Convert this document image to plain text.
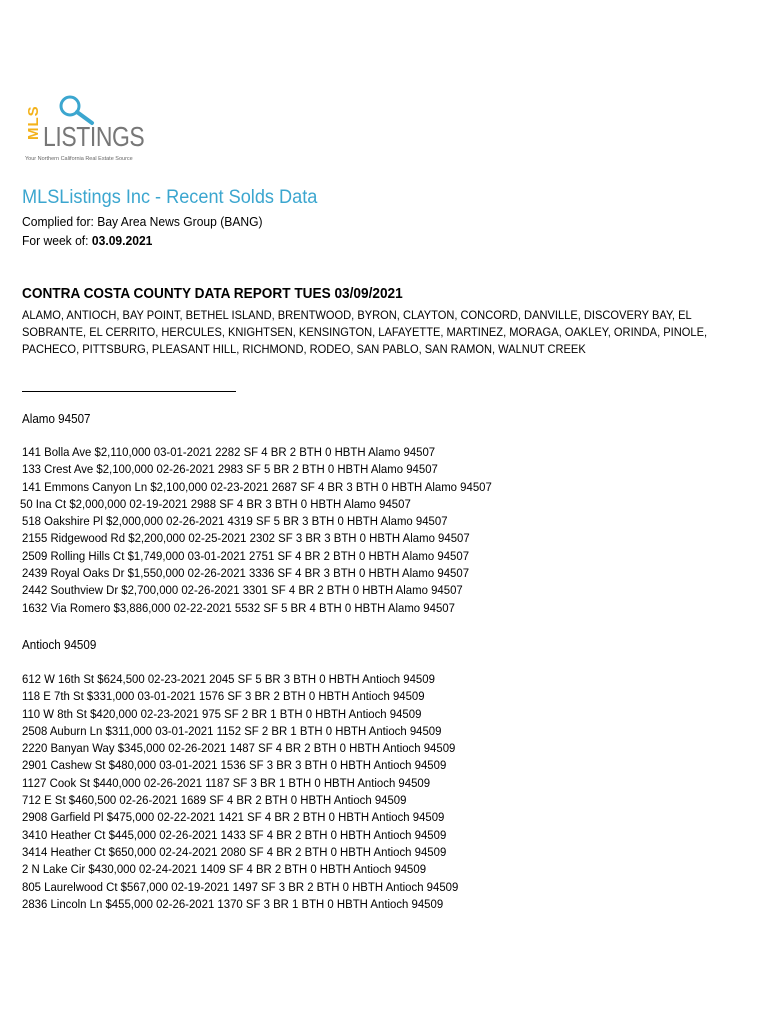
MLS LISTINGS
Your Northern California Real Estate Source
MLSListings Inc - Recent Solds Data
Complied for: Bay Area News Group (BANG)
For week of: 03.09.2021
CONTRA COSTA COUNTY DATA REPORT TUES 03/09/2021
ALAMO, ANTIOCH, BAY POINT, BETHEL ISLAND, BRENTWOOD, BYRON, CLAYTON, CONCORD, DANVILLE, DISCOVERY BAY, EL
SOBRANTE, EL CERRITO, HERCULES, KNIGHTSEN, KENSINGTON, LAFAYETTE, MARTINEZ, MORAGA, OAKLEY, ORINDA, PINOLE,
PACHECO, PITTSBURG, PLEASANT HILL, RICHMOND, RODEO, SAN PABLO, SAN RAMON, WALNUT CREEK
Alamo 94507
141 Bolla Ave $2,110,000 03-01-2021 2282 SF 4 BR 2 BTH 0 HBTH Alamo 94507
133 Crest Ave $2,100,000 02-26-2021 2983 SF 5 BR 2 BTH 0 HBTH Alamo 94507
141 Emmons Canyon Ln $2,100,000 02-23-2021 2687 SF 4 BR 3 BTH 0 HBTH Alamo 94507
50 Ina Ct $2,000,000 02-19-2021 2988 SF 4 BR 3 BTH 0 HBTH Alamo 94507
518 Oakshire Pl $2,000,000 02-26-2021 4319 SF 5 BR 3 BTH 0 HBTH Alamo 94507
2155 Ridgewood Rd $2,200,000 02-25-2021 2302 SF 3 BR 3 BTH 0 HBTH Alamo 94507
2509 Rolling Hills Ct $1,749,000 03-01-2021 2751 SF 4 BR 2 BTH 0 HBTH Alamo 94507
2439 Royal Oaks Dr $1,550,000 02-26-2021 3336 SF 4 BR 3 BTH 0 HBTH Alamo 94507
2442 Southview Dr $2,700,000 02-26-2021 3301 SF 4 BR 2 BTH 0 HBTH Alamo 94507
1632 Via Romero $3,886,000 02-22-2021 5532 SF 5 BR 4 BTH 0 HBTH Alamo 94507
Antioch 94509
612 W 16th St $624,500 02-23-2021 2045 SF 5 BR 3 BTH 0 HBTH Antioch 94509
118 E 7th St $331,000 03-01-2021 1576 SF 3 BR 2 BTH 0 HBTH Antioch 94509
110 W 8th St $420,000 02-23-2021 975 SF 2 BR 1 BTH 0 HBTH Antioch 94509
2508 Auburn Ln $311,000 03-01-2021 1152 SF 2 BR 1 BTH 0 HBTH Antioch 94509
2220 Banyan Way $345,000 02-26-2021 1487 SF 4 BR 2 BTH 0 HBTH Antioch 94509
2901 Cashew St $480,000 03-01-2021 1536 SF 3 BR 3 BTH 0 HBTH Antioch 94509
1127 Cook St $440,000 02-26-2021 1187 SF 3 BR 1 BTH 0 HBTH Antioch 94509
712 E St $460,500 02-26-2021 1689 SF 4 BR 2 BTH 0 HBTH Antioch 94509
2908 Garfield Pl $475,000 02-22-2021 1421 SF 4 BR 2 BTH 0 HBTH Antioch 94509
3410 Heather Ct $445,000 02-26-2021 1433 SF 4 BR 2 BTH 0 HBTH Antioch 94509
3414 Heather Ct $650,000 02-24-2021 2080 SF 4 BR 2 BTH 0 HBTH Antioch 94509
2 N Lake Cir $430,000 02-24-2021 1409 SF 4 BR 2 BTH 0 HBTH Antioch 94509
805 Laurelwood Ct $567,000 02-19-2021 1497 SF 3 BR 2 BTH 0 HBTH Antioch 94509
2836 Lincoln Ln $455,000 02-26-2021 1370 SF 3 BR 1 BTH 0 HBTH Antioch 94509
